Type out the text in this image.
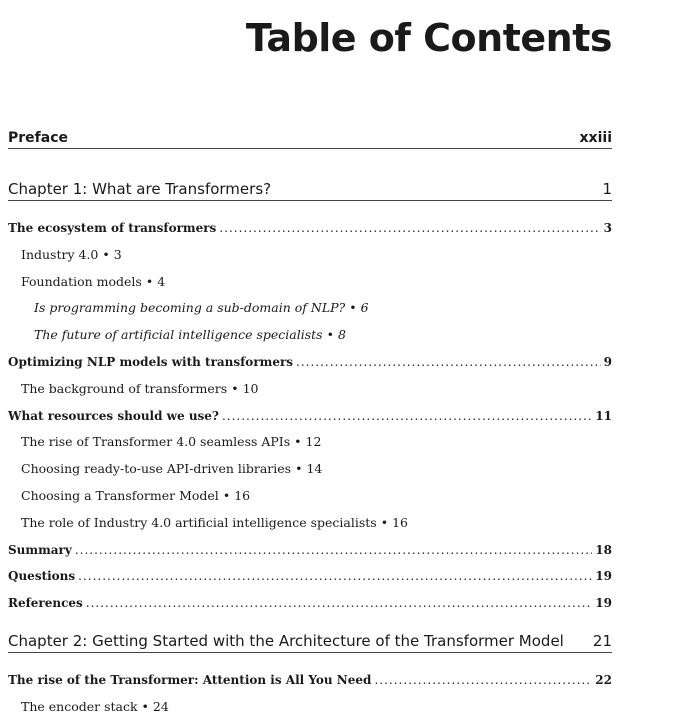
Table of Contents
Preface	xxiii
Chapter 1: What are Transformers?	1
The ecosystem of transformers .....	3
Industry 4.0 • 3
Foundation models • 4
Is programming becoming a sub-domain of NLP? • 6
The future of artificial intelligence specialists • 8
Optimizing NLP models with transformers .....	9
The background of transformers • 10
What resources should we use? .....	11
The rise of Transformer 4.0 seamless APIs • 12
Choosing ready-to-use API-driven libraries • 14
Choosing a Transformer Model • 16
The role of Industry 4.0 artificial intelligence specialists • 16
Summary .....	18
Questions .....	19
References .....	19
Chapter 2: Getting Started with the Architecture of the Transformer Model 21
The rise of the Transformer: Attention is All You Need .....	22
The encoder stack • 24
